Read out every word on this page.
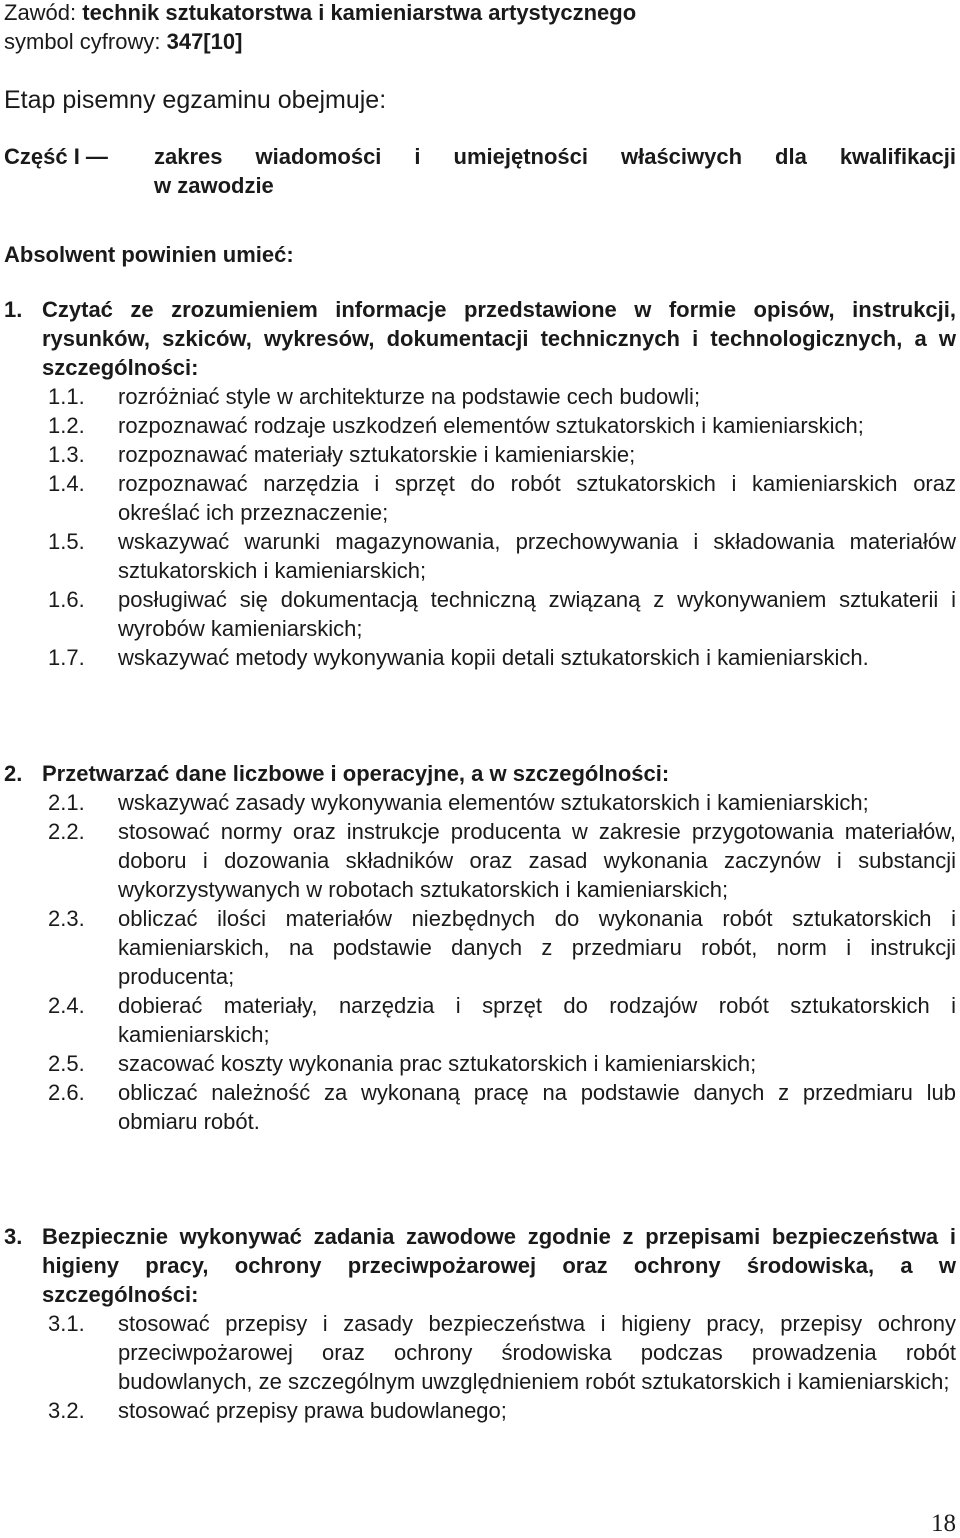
Zawód: technik sztukatorstwa i kamieniarstwa artystycznego
symbol cyfrowy: 347[10]
Etap pisemny egzaminu obejmuje:
Część I —	zakres wiadomości i umiejętności właściwych dla kwalifikacji
w zawodzie
Absolwent powinien umieć:
1. Czytać ze zrozumieniem informacje przedstawione w formie opisów, instrukcji, rysunków, szkiców, wykresów, dokumentacji technicznych i technologicznych, a w szczególności:
1.1.	rozróżniać style w architekturze na podstawie cech budowli;
1.2.	rozpoznawać rodzaje uszkodzeń elementów sztukatorskich i kamieniarskich;
1.3.	rozpoznawać materiały sztukatorskie i kamieniarskie;
1.4.	rozpoznawać narzędzia i sprzęt do robót sztukatorskich i kamieniarskich oraz określać ich przeznaczenie;
1.5.	wskazywać warunki magazynowania, przechowywania i składowania materiałów sztukatorskich i kamieniarskich;
1.6.	posługiwać się dokumentacją techniczną związaną z wykonywaniem sztukaterii i wyrobów kamieniarskich;
1.7.	wskazywać metody wykonywania kopii detali sztukatorskich i kamieniarskich.
2. Przetwarzać dane liczbowe i operacyjne, a w szczególności:
2.1.	wskazywać zasady wykonywania elementów sztukatorskich i kamieniarskich;
2.2.	stosować normy oraz instrukcje producenta w zakresie przygotowania materiałów, doboru i dozowania składników oraz zasad wykonania zaczynów i substancji wykorzystywanych w robotach sztukatorskich i kamieniarskich;
2.3.	obliczać ilości materiałów niezbędnych do wykonania robót sztukatorskich i kamieniarskich, na podstawie danych z przedmiaru robót, norm i instrukcji producenta;
2.4.	dobierać materiały, narzędzia i sprzęt do rodzajów robót sztukatorskich i kamieniarskich;
2.5.	szacować koszty wykonania prac sztukatorskich i kamieniarskich;
2.6.	obliczać należność za wykonaną pracę na podstawie danych z przedmiaru lub obmiaru robót.
3. Bezpiecznie wykonywać zadania zawodowe zgodnie z przepisami bezpieczeństwa i higieny pracy, ochrony przeciwpożarowej oraz ochrony środowiska, a w szczególności:
3.1.	stosować przepisy i zasady bezpieczeństwa i higieny pracy, przepisy ochrony przeciwpożarowej oraz ochrony środowiska podczas prowadzenia robót budowlanych, ze szczególnym uwzględnieniem robót sztukatorskich i kamieniarskich;
3.2.	stosować przepisy prawa budowlanego;
18
